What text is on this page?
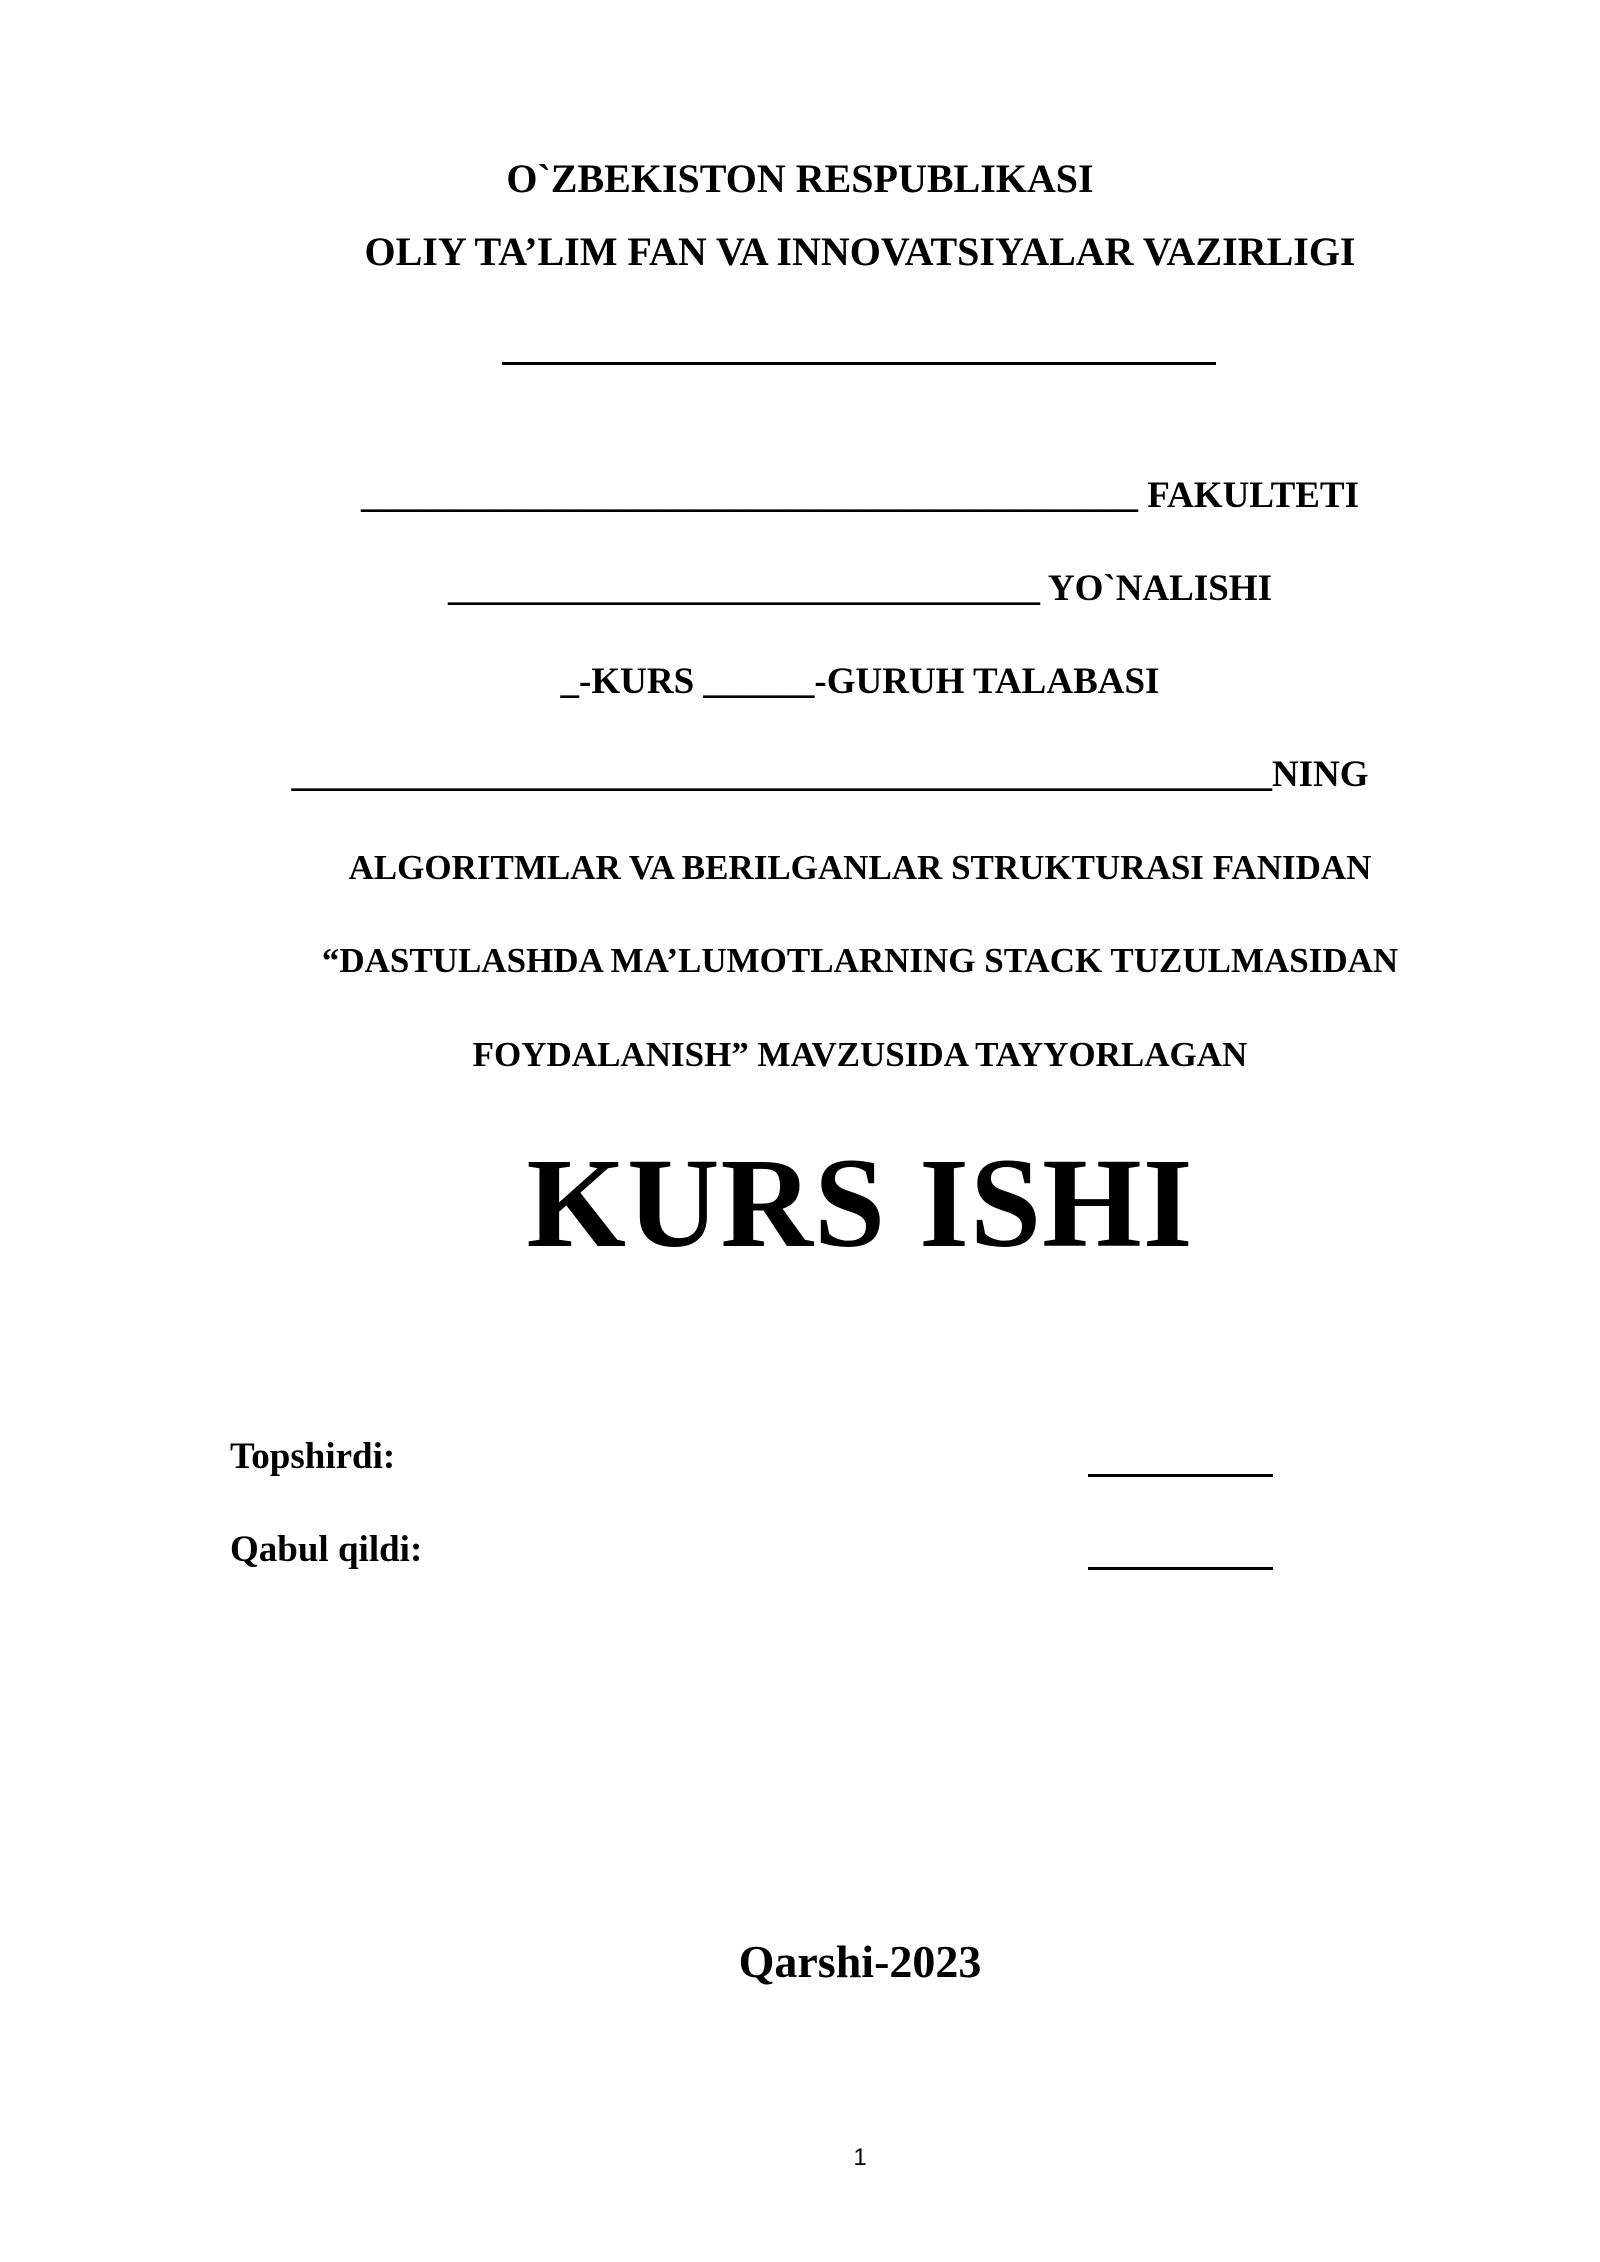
O`ZBEKISTON RESPUBLIKASI
OLIY TA’LIM FAN VA INNOVATSIYALAR VAZIRLIGI
__________________________________________ FAKULTETI
________________________________ YO`NALISHI
_-KURS ______-GURUH TALABASI
_____________________________________________________NING
ALGORITMLAR VA BERILGANLAR STRUKTURASI FANIDAN
“DASTULASHDA MA’LUMOTLARNING STACK TUZULMASIDAN
FOYDALANISH” MAVZUSIDA TAYYORLAGAN
KURS ISHI
Topshirdi:
Qabul qildi:
Qarshi-2023
1
